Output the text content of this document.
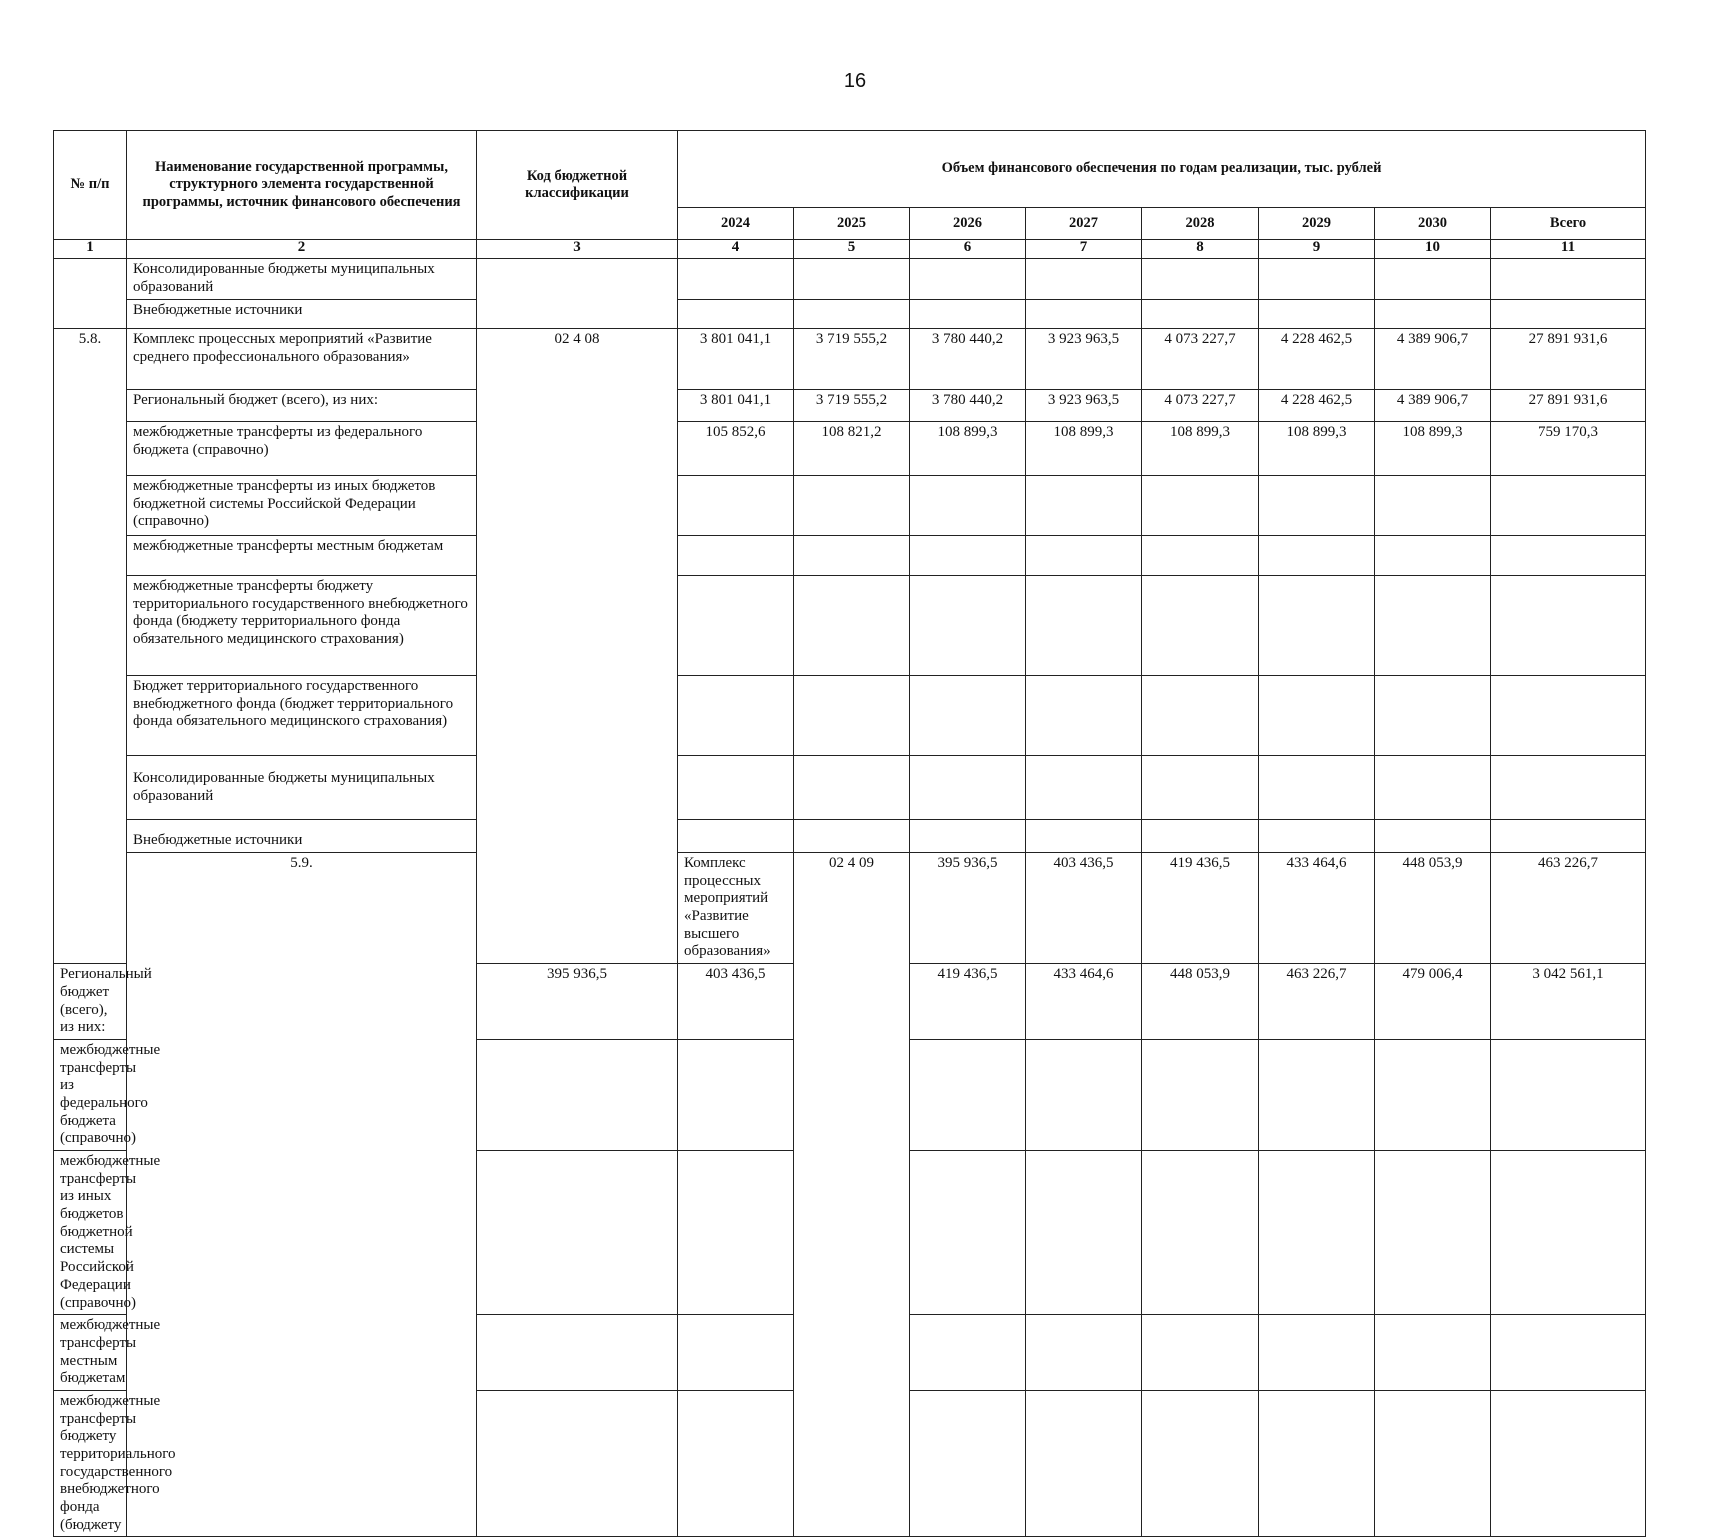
16
№ п/п	Наименование государственной программы, структурного элемента государственной программы, источник финансового обеспечения	Код бюджетной классификации	Объем финансового обеспечения по годам реализации, тыс. рублей								
			2024	2025	2026	2027	2028	2029	2030	Всего	
1	2	3	4	5	6	7	8	9	10	11	
	Консолидированные бюджеты муниципальных образований										
	Внебюджетные источники										
5.8.	Комплекс процессных мероприятий «Развитие среднего профессионального образования»	02 4 08	3 801 041,1	3 719 555,2	3 780 440,2	3 923 963,5	4 073 227,7	4 228 462,5	4 389 906,7	27 891 931,6	
	Региональный бюджет (всего), из них:		3 801 041,1	3 719 555,2	3 780 440,2	3 923 963,5	4 073 227,7	4 228 462,5	4 389 906,7	27 891 931,6	
	межбюджетные трансферты из федерального бюджета (справочно)		105 852,6	108 821,2	108 899,3	108 899,3	108 899,3	108 899,3	108 899,3	759 170,3	
	межбюджетные трансферты из иных бюджетов бюджетной системы Российской Федерации (справочно)										
	межбюджетные трансферты местным бюджетам										
	межбюджетные трансферты бюджету территориального государственного внебюджетного фонда (бюджету территориального фонда обязательного медицинского страхования)										
	Бюджет территориального государственного внебюджетного фонда (бюджет территориального фонда обязательного медицинского страхования)										
	Консолидированные бюджеты муниципальных образований										
	Внебюджетные источники										
	5.9.		Комплекс процессных мероприятий «Развитие высшего образования»	02 4 09	395 936,5	403 436,5	419 436,5	433 464,6	448 053,9	463 226,7		
Региональный бюджет (всего), из них:		395 936,5	403 436,5		419 436,5	433 464,6	448 053,9	463 226,7	479 006,4	3 042 561,1	
межбюджетные трансферты из федерального бюджета (справочно)											
межбюджетные трансферты из иных бюджетов бюджетной системы Российской Федерации (справочно)											
межбюджетные трансферты местным бюджетам											
межбюджетные трансферты бюджету территориального государственного внебюджетного фонда (бюджету											
